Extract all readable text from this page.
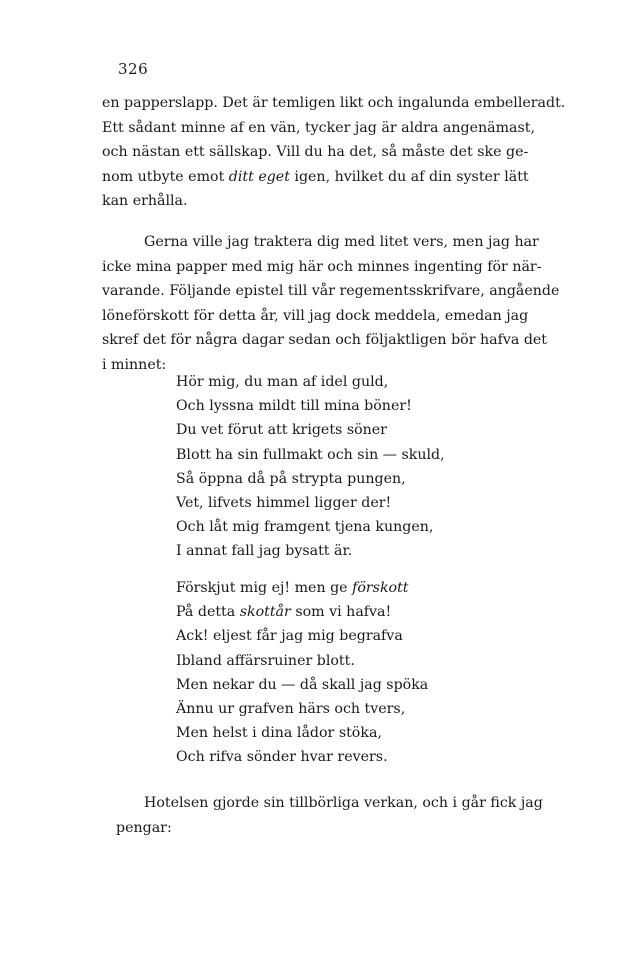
326
en papperslapp. Det är temligen likt och ingalunda embelleradt.
Ett sådant minne af en vän, tycker jag är aldra angenämast,
och nästan ett sällskap. Vill du ha det, så måste det ske ge-
nom utbyte emot ditt eget igen, hvilket du af din syster lätt
kan erhålla.
Gerna ville jag traktera dig med litet vers, men jag har
icke mina papper med mig här och minnes ingenting för när-
varande. Följande epistel till vår regementsskrifvare, angående
löneförskott för detta år, vill jag dock meddela, emedan jag
skref det för några dagar sedan och följaktligen bör hafva det
i minnet:
Hör mig, du man af idel guld,
Och lyssna mildt till mina böner!
Du vet förut att krigets söner
Blott ha sin fullmakt och sin — skuld,
Så öppna då på strypta pungen,
Vet, lifvets himmel ligger der!
Och låt mig framgent tjena kungen,
I annat fall jag bysatt är.
Förskjut mig ej! men ge förskott
På detta skottår som vi hafva!
Ack! eljest får jag mig begrafva
Ibland affärsruiner blott.
Men nekar du — då skall jag spöka
Ännu ur grafven härs och tvers,
Men helst i dina lådor stöka,
Och rifva sönder hvar revers.
Hotelsen gjorde sin tillbörliga verkan, och i går fick jag
pengar:
